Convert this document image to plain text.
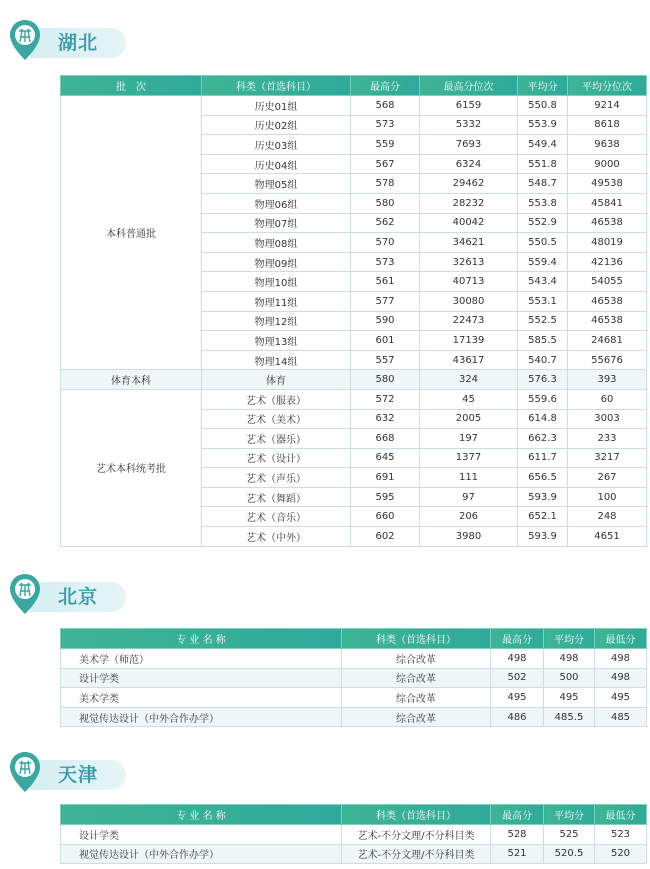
湖北
批　次	科类（首选科目）	最高分	最高分位次	平均分	平均分位次
本科普通批	历史01组	568	6159	550.8	9214
	历史02组	573	5332	553.9	8618
	历史03组	559	7693	549.4	9638
	历史04组	567	6324	551.8	9000
	物理05组	578	29462	548.7	49538
	物理06组	580	28232	553.8	45841
	物理07组	562	40042	552.9	46538
	物理08组	570	34621	550.5	48019
	物理09组	573	32613	559.4	42136
	物理10组	561	40713	543.4	54055
	物理11组	577	30080	553.1	46538
	物理12组	590	22473	552.5	46538
	物理13组	601	17139	585.5	24681
	物理14组	557	43617	540.7	55676
体育本科	体育	580	324	576.3	393
艺术本科统考批	艺术（服表）	572	45	559.6	60
	艺术（美术）	632	2005	614.8	3003
	艺术（器乐）	668	197	662.3	233
	艺术（设计）	645	1377	611.7	3217
	艺术（声乐）	691	111	656.5	267
	艺术（舞蹈）	595	97	593.9	100
	艺术（音乐）	660	206	652.1	248
	艺术（中外）	602	3980	593.9	4651
北京
专 业 名 称	科类（首选科目）	最高分	平均分	最低分
美术学（师范）	综合改革	498	498	498
设计学类	综合改革	502	500	498
美术学类	综合改革	495	495	495
视觉传达设计（中外合作办学）	综合改革	486	485.5	485
天津
专 业 名 称	科类（首选科目）	最高分	平均分	最低分
设计学类	艺术-不分文理/不分科目类	528	525	523
视觉传达设计（中外合作办学）	艺术-不分文理/不分科目类	521	520.5	520
